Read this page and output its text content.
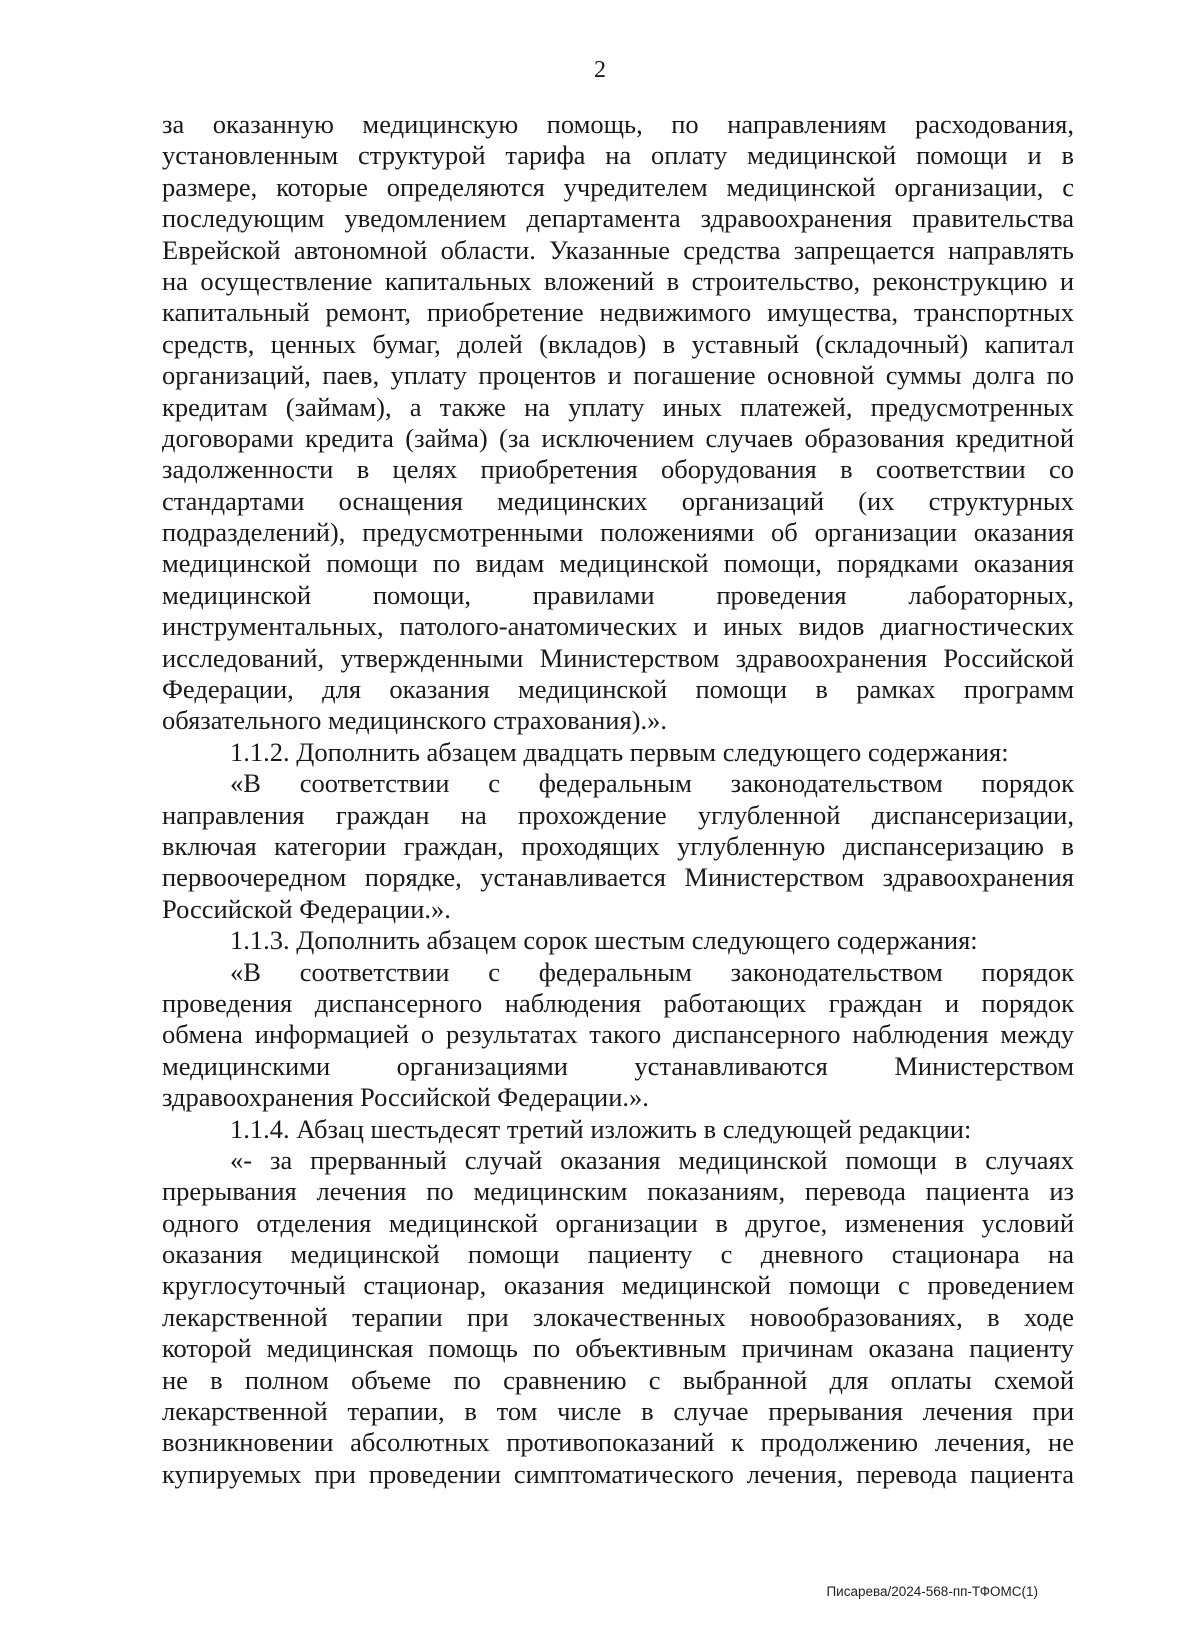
2
за оказанную медицинскую помощь, по направлениям расходования,
установленным структурой тарифа на оплату медицинской помощи и в
размере, которые определяются учредителем медицинской организации, с
последующим уведомлением департамента здравоохранения правительства
Еврейской автономной области. Указанные средства запрещается направлять
на осуществление капитальных вложений в строительство, реконструкцию и
капитальный ремонт, приобретение недвижимого имущества, транспортных
средств, ценных бумаг, долей (вкладов) в уставный (складочный) капитал
организаций, паев, уплату процентов и погашение основной суммы долга по
кредитам (займам), а также на уплату иных платежей, предусмотренных
договорами кредита (займа) (за исключением случаев образования кредитной
задолженности в целях приобретения оборудования в соответствии со
стандартами оснащения медицинских организаций (их структурных
подразделений), предусмотренными положениями об организации оказания
медицинской помощи по видам медицинской помощи, порядками оказания
медицинской помощи, правилами проведения лабораторных,
инструментальных, патолого-анатомических и иных видов диагностических
исследований, утвержденными Министерством здравоохранения Российской
Федерации, для оказания медицинской помощи в рамках программ
обязательного медицинского страхования).».
1.1.2. Дополнить абзацем двадцать первым следующего содержания:
«В соответствии с федеральным законодательством порядок
направления граждан на прохождение углубленной диспансеризации,
включая категории граждан, проходящих углубленную диспансеризацию в
первоочередном порядке, устанавливается Министерством здравоохранения
Российской Федерации.».
1.1.3. Дополнить абзацем сорок шестым следующего содержания:
«В соответствии с федеральным законодательством порядок
проведения диспансерного наблюдения работающих граждан и порядок
обмена информацией о результатах такого диспансерного наблюдения между
медицинскими организациями устанавливаются Министерством
здравоохранения Российской Федерации.».
1.1.4. Абзац шестьдесят третий изложить в следующей редакции:
«- за прерванный случай оказания медицинской помощи в случаях
прерывания лечения по медицинским показаниям, перевода пациента из
одного отделения медицинской организации в другое, изменения условий
оказания медицинской помощи пациенту с дневного стационара на
круглосуточный стационар, оказания медицинской помощи с проведением
лекарственной терапии при злокачественных новообразованиях, в ходе
которой медицинская помощь по объективным причинам оказана пациенту
не в полном объеме по сравнению с выбранной для оплаты схемой
лекарственной терапии, в том числе в случае прерывания лечения при
возникновении абсолютных противопоказаний к продолжению лечения, не
купируемых при проведении симптоматического лечения, перевода пациента
Писарева/2024-568-пп-ТФОМС(1)
